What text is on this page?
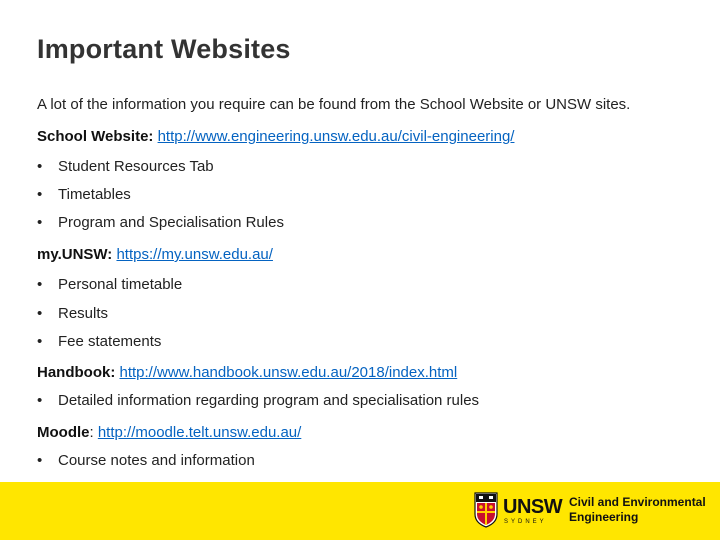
Important Websites
A lot of the information you require can be found from the School Website or UNSW sites.
School Website: http://www.engineering.unsw.edu.au/civil-engineering/
• Student Resources Tab
• Timetables
• Program and Specialisation Rules
my.UNSW: https://my.unsw.edu.au/
• Personal timetable
• Results
• Fee statements
Handbook: http://www.handbook.unsw.edu.au/2018/index.html
• Detailed information regarding program and specialisation rules
Moodle: http://moodle.telt.unsw.edu.au/
• Course notes and information
UNSW
SYDNEY
Civil and Environmental
Engineering
